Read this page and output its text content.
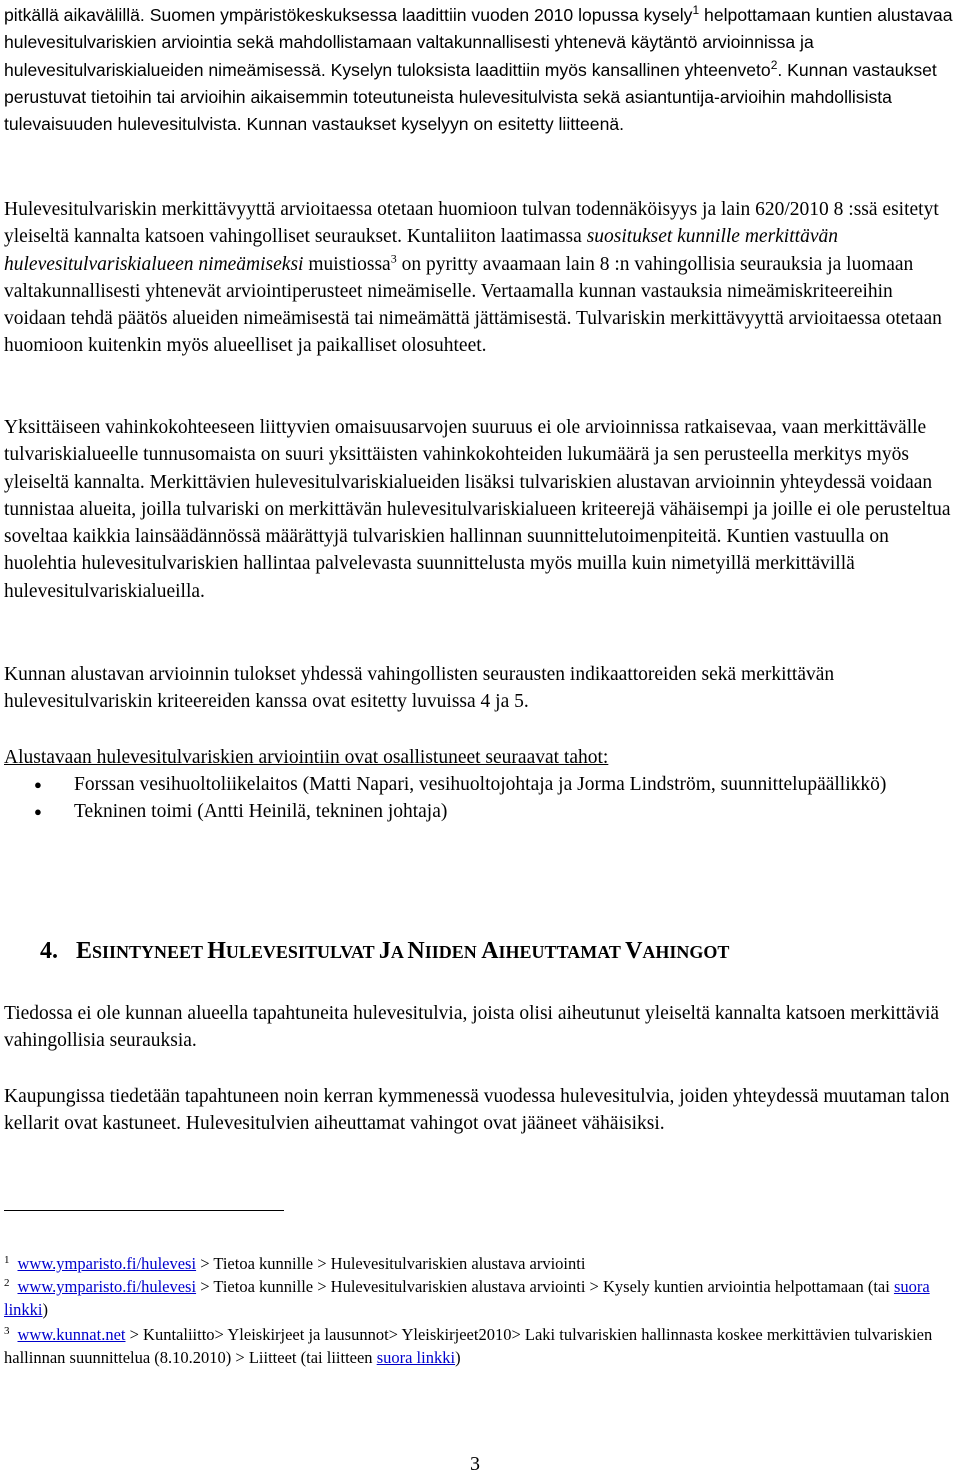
pitkällä aikavälillä. Suomen ympäristökeskuksessa laadittiin vuoden 2010 lopussa kysely$^1$ helpottamaan kuntien alustavaa hulevesitulvariskien arviointia sekä mahdollistamaan valtakunnallisesti yhtenevä käytäntö arvioinnissa ja hulevesitulvariskialueiden nimeämisessä. Kyselyn tuloksista laadittiin myös kansallinen yhteenveto$^2$. Kunnan vastaukset perustuvat tietoihin tai arvioihin aikaisemmin toteutuneista hulevesitulvista sekä asiantuntija-arvioihin mahdollisista tulevaisuuden hulevesitulvista. Kunnan vastaukset kyselyyn on esitetty liitteenä.

Hulevesitulvariskin merkittävyyttä arvioitaessa otetaan huomioon tulvan todennäköisyys ja lain 620/2010 8 :ssä esitetyt yleiseltä kannalta katsoen vahingolliset seuraukset. Kuntaliiton laatimassa suositukset kunnille merkittävän hulevesitulvariskialueen nimeämiseksi muistiossa$^3$ on pyritty avaamaan lain 8 :n vahingollisia seurauksia ja luomaan valtakunnallisesti yhtenevät arviointiperusteet nimeämiselle. Vertaamalla kunnan vastauksia nimeämiskriteereihin voidaan tehdä päätös alueiden nimeämisestä tai nimeämättä jättämisestä. Tulvariskin merkittävyyttä arvioitaessa otetaan huomioon kuitenkin myös alueelliset ja paikalliset olosuhteet.

Yksittäiseen vahinkokohteeseen liittyvien omaisuusarvojen suuruus ei ole arvioinnissa ratkaisevaa, vaan merkittävälle tulvariskialueelle tunnusomaista on suuri yksittäisten vahinkokohteiden lukumäärä ja sen perusteella merkitys myös yleiseltä kannalta. Merkittävien hulevesitulvariskialueiden lisäksi tulvariskien alustavan arvioinnin yhteydessä voidaan tunnistaa alueita, joilla tulvariski on merkittävän hulevesitulvariskialueen kriteerejä vähäisempi ja joille ei ole perusteltua soveltaa kaikkia lainsäädännössä määrättyjä tulvariskien hallinnan suunnittelutoimenpiteitä. Kuntien vastuulla on huolehtia hulevesitulvariskien hallintaa palvelevasta suunnittelusta myös muilla kuin nimetyillä merkittävillä hulevesitulvariskialueilla.

Kunnan alustavan arvioinnin tulokset yhdessä vahingollisten seurausten indikaattoreiden sekä merkittävän hulevesitulvariskin kriteereiden kanssa ovat esitetty luvuissa 4 ja 5.

Alustavaan hulevesitulvariskien arviointiin ovat osallistuneet seuraavat tahot:

● Forssan vesihuoltoliikelaitos (Matti Napari, vesihuoltojohtaja ja Jorma Lindström, suunnittelupäällikkö)
● Tekninen toimi (Antti Heinilä, tekninen johtaja)
4. ESIINTYNEET HULEVESITULVAT JA NIIDEN AIHEUTTAMAT VAHINGOT

Tiedossa ei ole kunnan alueella tapahtuneita hulevesitulvia, joista olisi aiheutunut yleiseltä kannalta katsoen merkittäviä vahingollisia seurauksia.

Kaupungissa tiedetään tapahtuneen noin kerran kymmenessä vuodessa hulevesitulvia, joiden yhteydessä muutaman talon kellarit ovat kastuneet. Hulevesitulvien aiheuttamat vahingot ovat jääneet vähäisiksi.

$^1$ www.ymparisto.fi/hulevesi > Tietoa kunnille > Hulevesitulvariskien alustava arviointi

$^2$ www.ymparisto.fi/hulevesi > Tietoa kunnille > Hulevesitulvariskien alustava arviointi > Kysely kuntien arviointia helpottamaan (tai suora linkki)

$^3$ www.kunnat.net > Kuntaliitto> Yleiskirjeet ja lausunnot> Yleiskirjeet2010> Laki tulvariskien hallinnasta koskee merkittävien tulvariskien hallinnan suunnittelua (8.10.2010) > Liitteet (tai liitteen suora linkki)

3
